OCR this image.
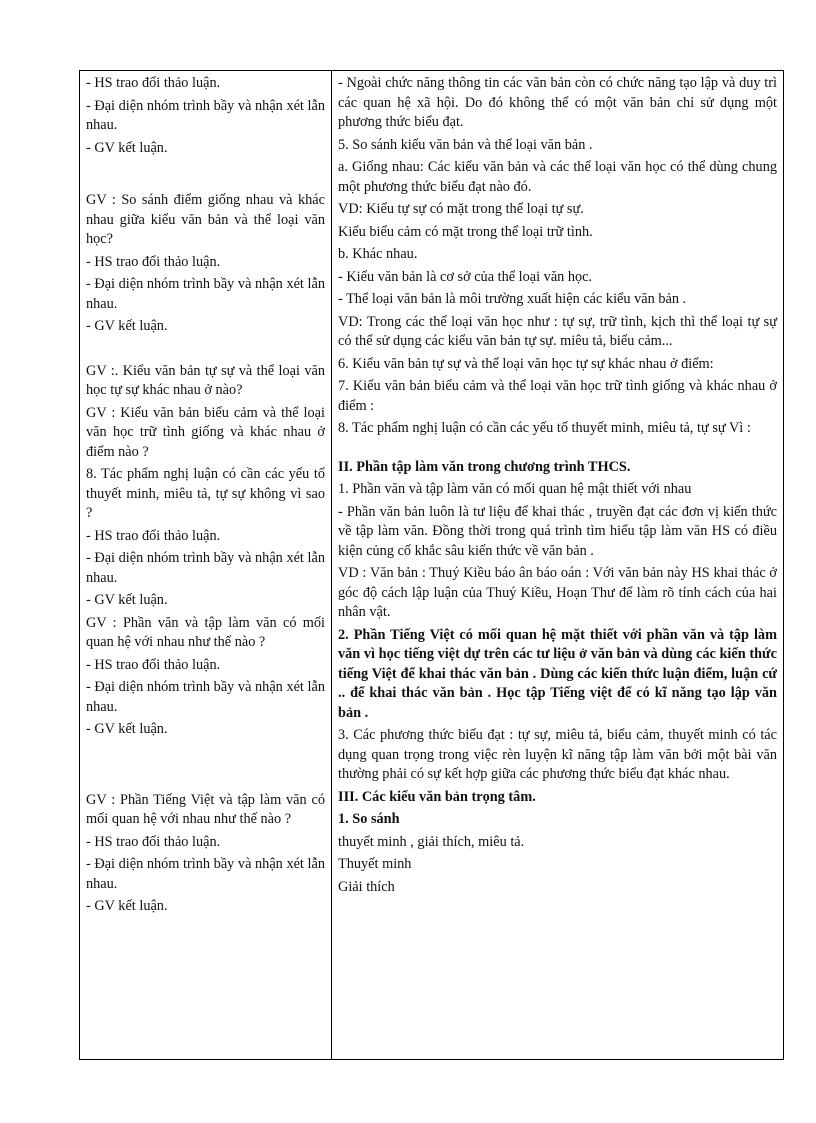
- HS trao đổi thảo luận.

- Đại diện nhóm trình bầy và nhận xét lẫn nhau.

- GV kết luận.

GV : So sánh điểm giống nhau và khác nhau giữa kiểu văn bản và thể loại văn học?

- HS trao đổi thảo luận.

- Đại diện nhóm trình bầy và nhận xét lẫn nhau.

- GV kết luận.

GV :. Kiểu văn bản tự sự và thể loại văn học tự sự khác nhau ở nào?

GV : Kiểu văn bản biểu cảm và thể loại văn học trữ tình giống và khác nhau ở điểm nào ?

8. Tác phẩm nghị luận có cần các yếu tố thuyết minh, miêu tả, tự sự không vì sao ?

- HS trao đổi thảo luận.

- Đại diện nhóm trình bầy và nhận xét lẫn nhau.

- GV kết luận.

GV : Phần văn và tập làm văn có mối quan hệ với nhau như thế nào ?

- HS trao đổi thảo luận.

- Đại diện nhóm trình bầy và nhận xét lẫn nhau.

- GV kết luận.

GV : Phần Tiếng Việt và tập làm văn có mối quan hệ với nhau như thế nào ?

- HS trao đổi thảo luận.

- Đại diện nhóm trình bầy và nhận xét lẫn nhau.

- GV kết luận.

- Ngoài chức năng thông tin các văn bản còn có chức năng tạo lập và duy trì các quan hệ xã hội. Do đó không thể có một văn bản chỉ sử dụng một phương thức biểu đạt.

5. So sánh kiểu văn bản và thể loại văn bản .

a. Giống nhau: Các kiểu văn bản và các thể loại văn học có thể dùng chung một phương thức biểu đạt nào đó.

VD: Kiểu tự sự có mặt trong thể loại tự sự.

Kiểu biểu cảm có mặt trong thể loại trữ tình.

b. Khác nhau.

- Kiểu văn bản là cơ sở của thể loại văn học.

- Thể loại văn bản là môi trường xuất hiện các kiểu văn bản .

VD: Trong các thể loại văn học như : tự sự, trữ tình, kịch thì thể loại tự sự có thể sử dụng các kiểu văn bản tự sự. miêu tả, biểu cảm...

6. Kiểu văn bản tự sự và thể loại văn học tự sự khác nhau ở điểm:

7. Kiểu văn bản biểu cảm và thể loại văn học trữ tình giống và khác nhau ở điểm :

8. Tác phẩm nghị luận có cần các yếu tố thuyết minh, miêu tả, tự sự Vì :

II. Phần tập làm văn trong chương trình THCS.

1. Phần văn và tập làm văn có mối quan hệ mật thiết với nhau

- Phần văn bản luôn là tư liệu để khai thác , truyền đạt các đơn vị kiến thức về tập làm văn. Đồng thời trong quá trình tìm hiểu tập làm văn HS có điều kiện củng cố khắc sâu kiến thức về văn bản .

VD : Văn bản : Thuý Kiều báo ân báo oán : Với văn bản này HS khai thác ở góc độ cách lập luận của Thuý Kiều, Hoạn Thư để làm rõ tính cách của hai nhân vật.

2. Phần Tiếng Việt có mối quan hệ mặt thiết với phần văn và tập làm văn vì học tiếng việt dự trên các tư liệu ở văn bản và dùng các kiến thức tiếng Việt để khai thác văn bản . Dùng các kiến thức luận điểm, luận cứ .. để khai thác văn bản . Học tập Tiếng việt để có kĩ năng tạo lập văn bản .

3. Các phương thức biểu đạt : tự sự, miêu tả, biểu cảm, thuyết minh có tác dụng quan trọng trong việc rèn luyện kĩ năng tập làm văn bởi một bài văn thường phải có sự kết hợp giữa các phương thức biểu đạt khác nhau.

III. Các kiểu văn bản trọng tâm.

1. So sánh

thuyết minh , giải thích, miêu tả.

Thuyết minh

Giải thích
